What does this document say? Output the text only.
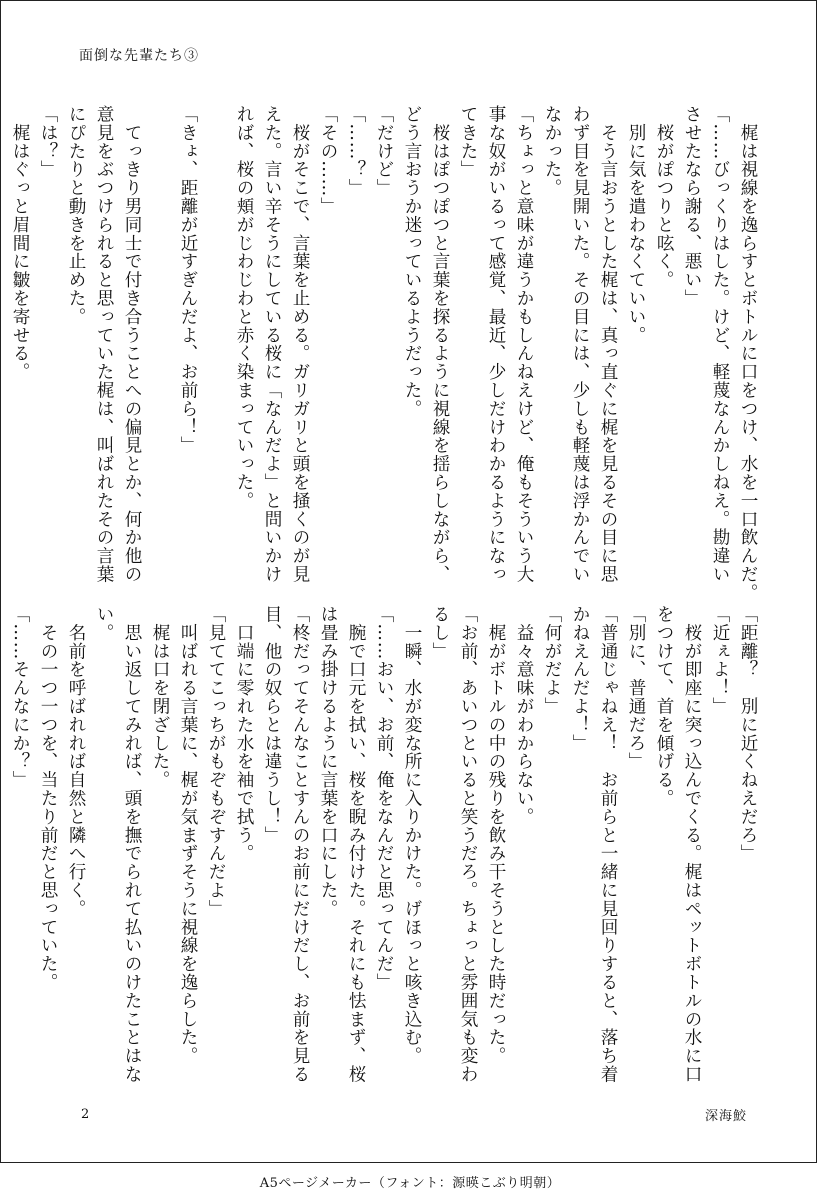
面倒な先輩たち③
　梶は視線を逸らすとボトルに口をつけ、水を一口飲んだ。
「……びっくりはした。けど、軽蔑なんかしねえ。勘違い
させたなら謝る、悪い」
　桜がぽつりと呟く。
　別に気を遣わなくていい。
　そう言おうとした梶は、真っ直ぐに梶を見るその目に思
わず目を見開いた。その目には、少しも軽蔑は浮かんでい
なかった。
「ちょっと意味が違うかもしんねえけど、俺もそういう大
事な奴がいるって感覚、最近、少しだけわかるようになっ
てきた」
　桜はぽつぽつと言葉を探るように視線を揺らしながら、
どう言おうか迷っているようだった。
「だけど」
「……？」
「その……」
　桜がそこで、言葉を止める。ガリガリと頭を掻くのが見
えた。言い辛そうにしている桜に「なんだよ」と問いかけ
れば、桜の頬がじわじわと赤く染まっていった。

「きょ、距離が近すぎんだよ、お前ら！」

　てっきり男同士で付き合うことへの偏見とか、何か他の
意見をぶつけられると思っていた梶は、叫ばれたその言葉
にぴたりと動きを止めた。
「は？」
　梶はぐっと眉間に皺を寄せる。
「距離？　別に近くねえだろ」
「近ぇよ！」
　桜が即座に突っ込んでくる。梶はペットボトルの水に口
をつけて、首を傾げる。
「別に、普通だろ」
「普通じゃねえ！　お前らと一緒に見回りすると、落ち着
かねえんだよ！」
「何がだよ」
　益々意味がわからない。
　梶がボトルの中の残りを飲み干そうとした時だった。
「お前、あいつといると笑うだろ。ちょっと雰囲気も変わ
るし」
　一瞬、水が変な所に入りかけた。げほっと咳き込む。
「……おい、お前、俺をなんだと思ってんだ」
　腕で口元を拭い、桜を睨み付けた。それにも怯まず、桜
は畳み掛けるように言葉を口にした。
「柊だってそんなことすんのお前にだけだし、お前を見る
目、他の奴らとは違うし！」
　口端に零れた水を袖で拭う。
「見ててこっちがもぞもぞすんだよ」
　叫ばれる言葉に、梶が気まずそうに視線を逸らした。
　梶は口を閉ざした。
　思い返してみれば、頭を撫でられて払いのけたことはな
い。
　名前を呼ばれれば自然と隣へ行く。
　その一つ一つを、当たり前だと思っていた。
「……そんなにか？」
2	深海鮫
A5ページメーカー（フォント：源暎こぶり明朝）
